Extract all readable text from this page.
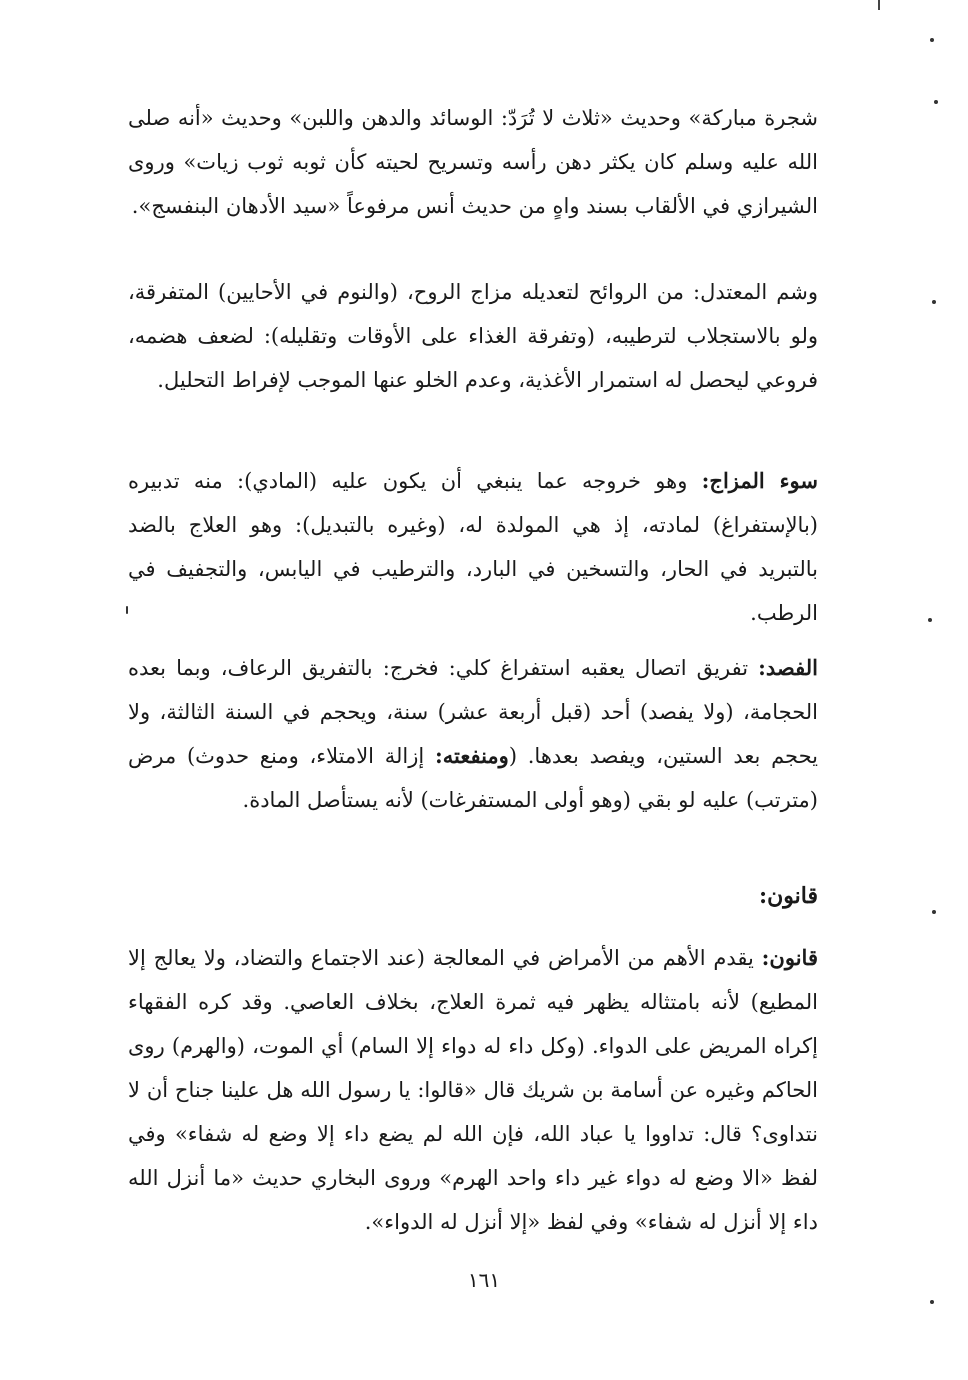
شجرة مباركة» وحديث «ثلاث لا تُرَدّ: الوسائد والدهن واللبن» وحديث «أنه صلى الله عليه وسلم كان يكثر دهن رأسه وتسريح لحيته كأن ثوبه ثوب زيات» وروى الشيرازي في الألقاب بسند واهٍ من حديث أنس مرفوعاً «سيد الأدهان البنفسج».

وشم المعتدل: من الروائح لتعديله مزاج الروح، (والنوم في الأحايين) المتفرقة، ولو بالاستجلاب لترطيبه، (وتفرقة الغذاء على الأوقات وتقليله): لضعف هضمه، فروعي ليحصل له استمرار الأغذية، وعدم الخلو عنها الموجب لإفراط التحليل.

سوء المزاج: وهو خروجه عما ينبغي أن يكون عليه (المادي): منه تدبيره (بالإستفراغ) لمادته، إذ هي المولدة له، (وغيره بالتبديل): وهو العلاج بالضد بالتبريد في الحار، والتسخين في البارد، والترطيب في اليابس، والتجفيف في الرطب.

الفصد: تفريق اتصال يعقبه استفراغ كلي: فخرج: بالتفريق الرعاف، وبما بعده الحجامة، (ولا يفصد) أحد (قبل أربعة عشر) سنة، ويحجم في السنة الثالثة، ولا يحجم بعد الستين، ويفصد بعدها. (ومنفعته: إزالة الامتلاء، ومنع حدوث) مرض (مترتب) عليه لو بقي (وهو أولى المستفرغات) لأنه يستأصل المادة.

قانون:

قانون: يقدم الأهم من الأمراض في المعالجة (عند الاجتماع والتضاد، ولا يعالج إلا المطيع) لأنه بامتثاله يظهر فيه ثمرة العلاج، بخلاف العاصي. وقد كره الفقهاء إكراه المريض على الدواء. (وكل داء له دواء إلا السام) أي الموت، (والهرم) روى الحاكم وغيره عن أسامة بن شريك قال «قالوا: يا رسول الله هل علينا جناح أن لا نتداوى؟ قال: تداووا يا عباد الله، فإن الله لم يضع داء إلا وضع له شفاء» وفي لفظ «الا وضع له دواء غير داء واحد الهرم» وروى البخاري حديث «ما أنزل الله داء إلا أنزل له شفاء» وفي لفظ «إلا أنزل له الدواء».

١٦١
